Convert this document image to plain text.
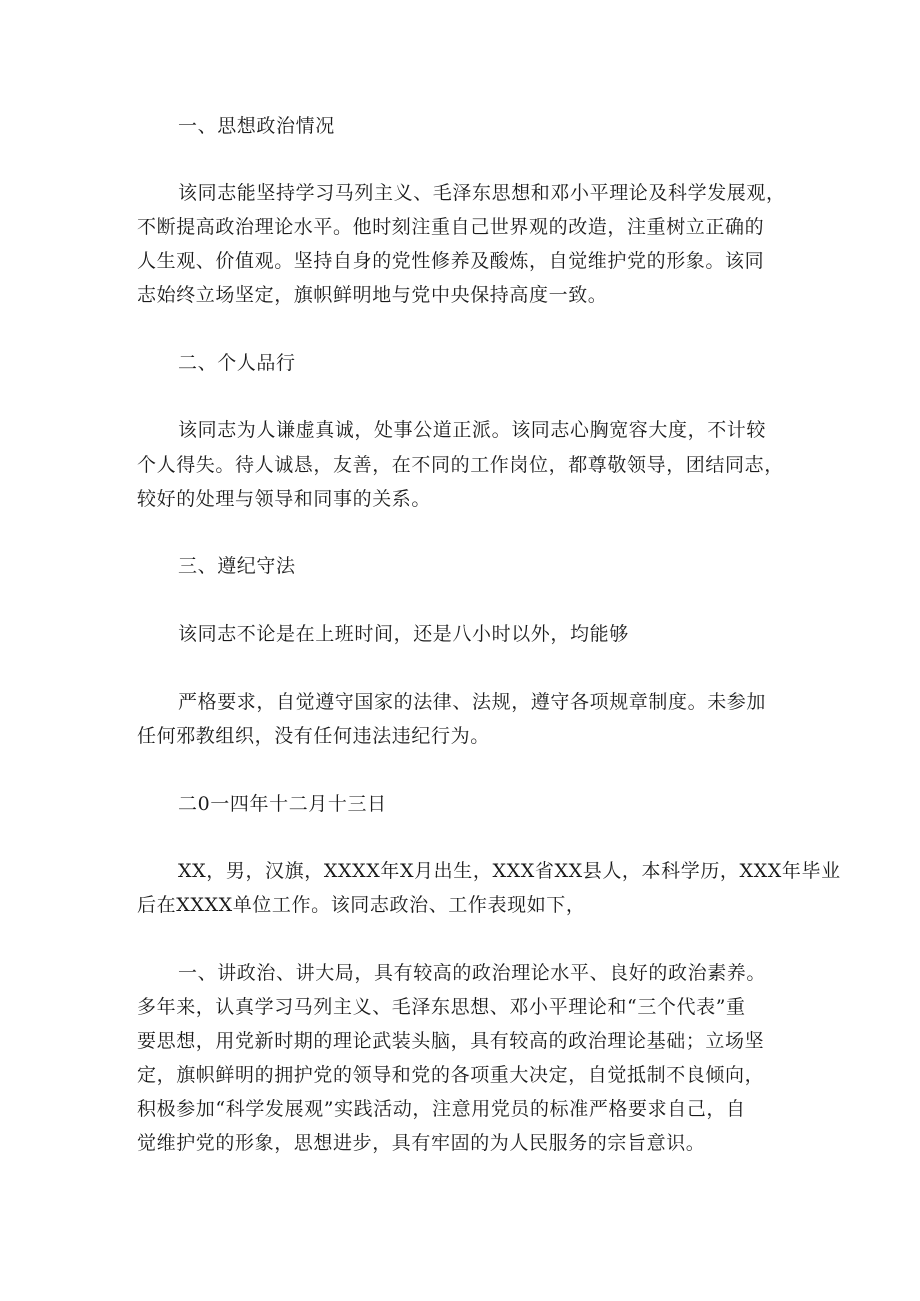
一、思想政治情况
该同志能坚持学习马列主义、毛泽东思想和邓小平理论及科学发展观，
不断提高政治理论水平。他时刻注重自己世界观的改造，注重树立正确的
人生观、价值观。坚持自身的党性修养及酸炼，自觉维护党的形象。该同
志始终立场坚定，旗帜鲜明地与党中央保持高度一致。
二、个人品行
该同志为人谦虚真诚，处事公道正派。该同志心胸宽容大度，不计较
个人得失。待人诚恳，友善，在不同的工作岗位，都尊敬领导，团结同志，
较好的处理与领导和同事的关系。
三、遵纪守法
该同志不论是在上班时间，还是八小时以外，均能够
严格要求，自觉遵守国家的法律、法规，遵守各项规章制度。未参加
任何邪教组织，没有任何违法违纪行为。
二0一四年十二月十三日
XX，男，汉旗，XXXX年X月出生，XXX省XX县人，本科学历，XXX年毕业
后在XXXX单位工作。该同志政治、工作表现如下，
一、讲政治、讲大局，具有较高的政治理论水平、良好的政治素养。
多年来，认真学习马列主义、毛泽东思想、邓小平理论和“三个代表”重
要思想，用党新时期的理论武装头脑，具有较高的政治理论基础；立场坚
定，旗帜鲜明的拥护党的领导和党的各项重大决定，自觉抵制不良倾向，
积极参加“科学发展观”实践活动，注意用党员的标准严格要求自己，自
觉维护党的形象，思想进步，具有牢固的为人民服务的宗旨意识。
